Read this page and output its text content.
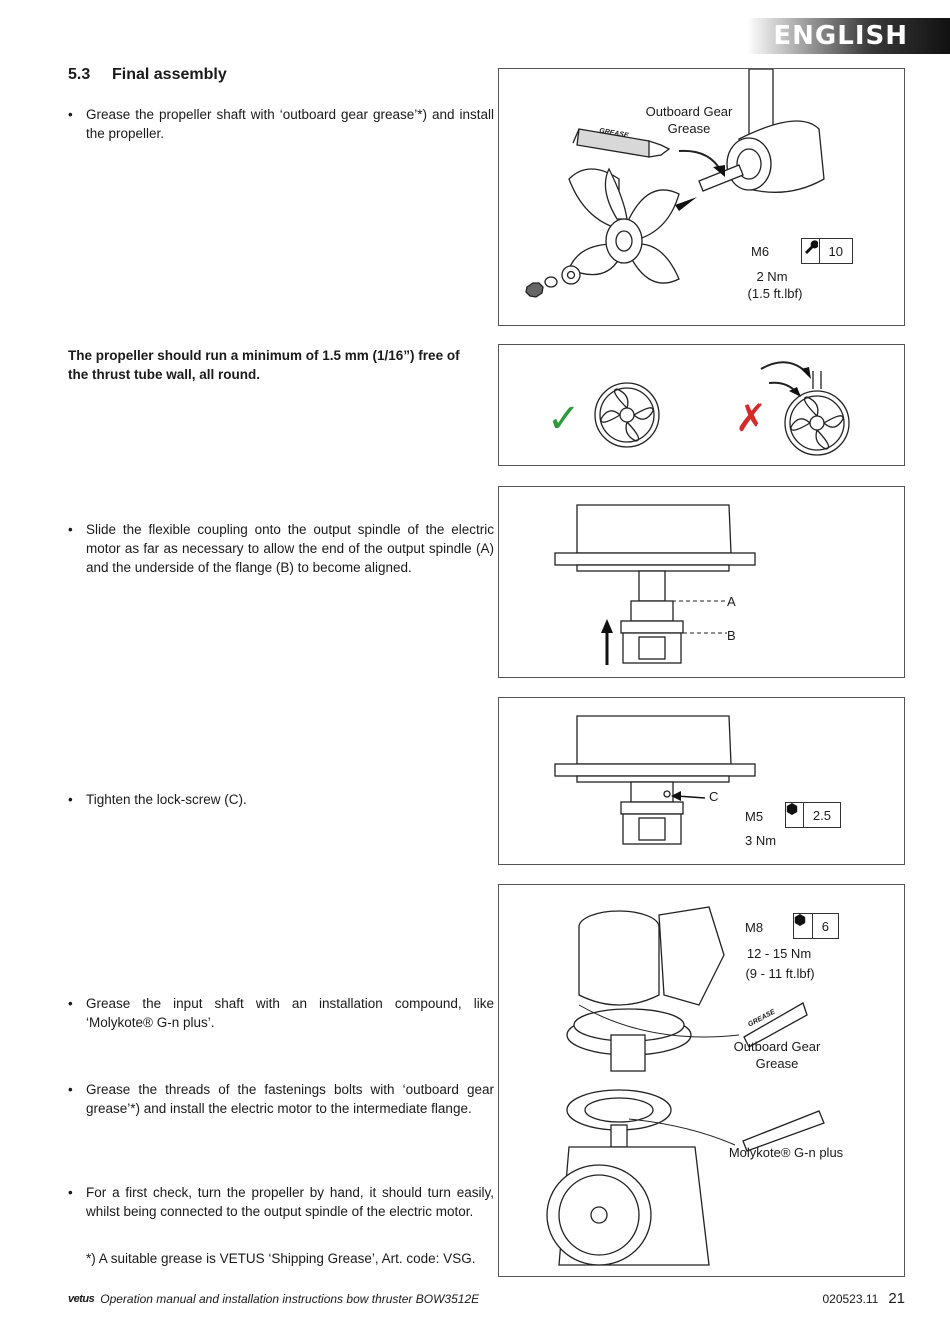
ENGLISH
5.3 Final assembly
• Grease the propeller shaft with ‘outboard gear grease’*) and install the propeller.
The propeller should run a minimum of 1.5 mm (1/16”) free of the thrust tube wall, all round.
• Slide the flexible coupling onto the output spindle of the electric motor as far as necessary to allow the end of the output spindle (A) and the underside of the flange (B) to become aligned.
• Tighten the lock-screw (C).
• Grease the input shaft with an installation compound, like ‘Molykote® G-n plus’.
• Grease the threads of the fastenings bolts with ‘outboard gear grease’*) and install the electric motor to the intermediate flange.
• For a first check, turn the propeller by hand, it should turn easily, whilst being connected to the output spindle of the electric motor.
Outboard Gear
Grease
GREASE
M6	10
2 Nm
(1.5 ft.lbf)
✓	✗
A
B
C
M5	2.5
3 Nm
M8	6
12 - 15 Nm
(9 - 11 ft.lbf)
GREASE
Outboard Gear
Grease
Molykote® G-n plus
*) A suitable grease is VETUS ‘Shipping Grease’, Art. code: VSG.
vetus Operation manual and installation instructions bow thruster BOW3512E	020523.11 21
